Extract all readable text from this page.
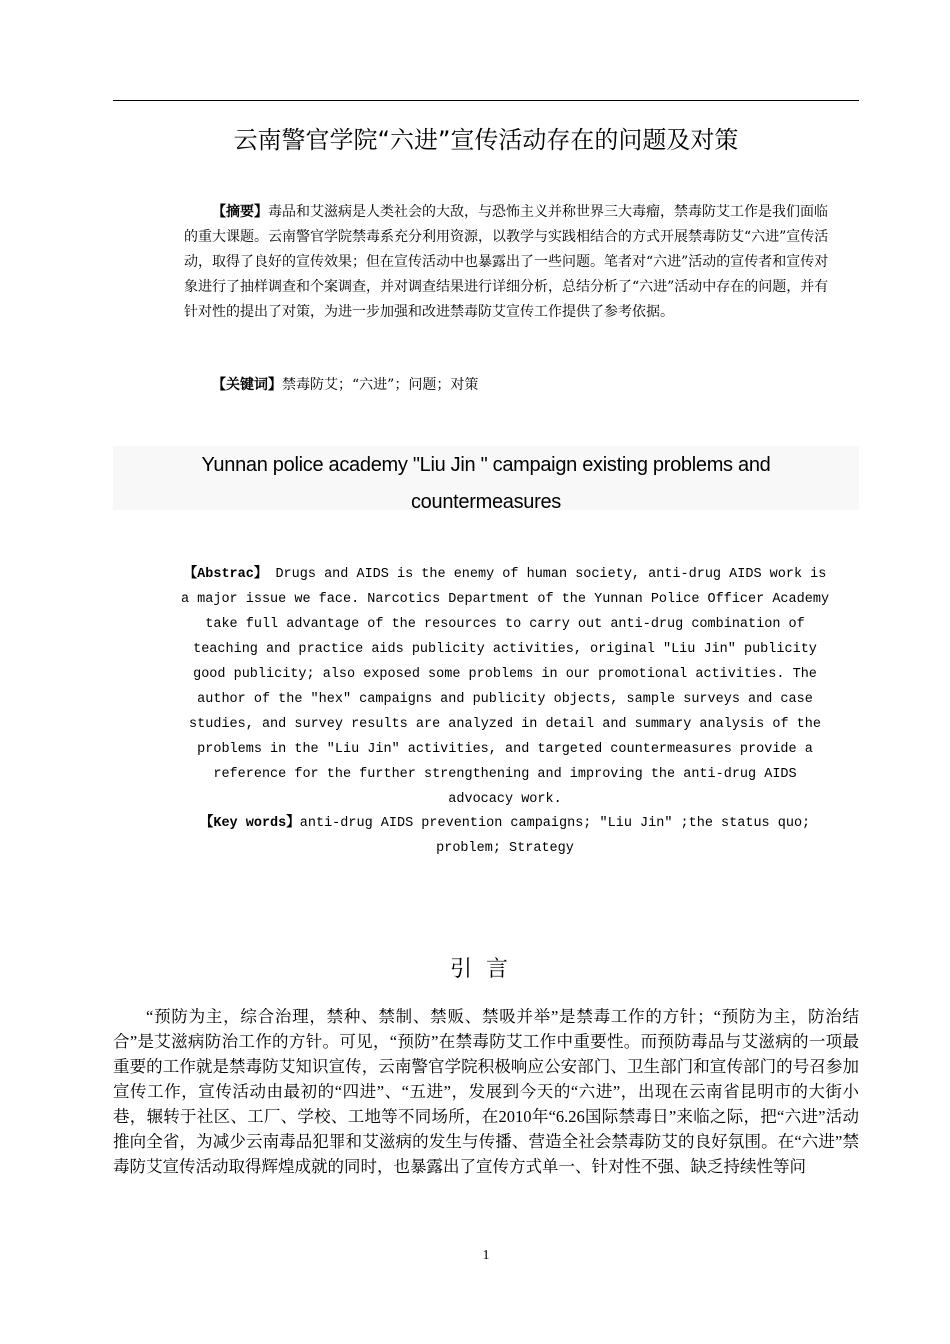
云南警官学院“六进”宣传活动存在的问题及对策
【摘要】毒品和艾滋病是人类社会的大敌，与恐怖主义并称世界三大毒瘤，禁毒防艾工作是我们面临的重大课题。云南警官学院禁毒系充分利用资源，以教学与实践相结合的方式开展禁毒防艾“六进”宣传活动，取得了良好的宣传效果；但在宣传活动中也暴露出了一些问题。笔者对“六进”活动的宣传者和宣传对象进行了抽样调查和个案调查，并对调查结果进行详细分析，总结分析了“六进”活动中存在的问题，并有针对性的提出了对策，为进一步加强和改进禁毒防艾宣传工作提供了参考依据。
【关键词】禁毒防艾；“六进”；问题；对策
Yunnan police academy "Liu Jin " campaign existing problems and
countermeasures
【Abstrac】 Drugs and AIDS is the enemy of human society, anti-drug AIDS work is a major issue we face. Narcotics Department of the Yunnan Police Officer Academy take full advantage of the resources to carry out anti-drug combination of teaching and practice aids publicity activities, original "Liu Jin" publicity good publicity; also exposed some problems in our promotional activities. The author of the "hex" campaigns and publicity objects, sample surveys and case studies, and survey results are analyzed in detail and summary analysis of the problems in the "Liu Jin" activities, and targeted countermeasures provide a reference for the further strengthening and improving the anti-drug AIDS advocacy work.
【Key words】anti-drug AIDS prevention campaigns; "Liu Jin" ;the status quo; problem; Strategy
引言
“预防为主，综合治理，禁种、禁制、禁贩、禁吸并举”是禁毒工作的方针；“预防为主，防治结合”是艾滋病防治工作的方针。可见，“预防”在禁毒防艾工作中重要性。而预防毒品与艾滋病的一项最重要的工作就是禁毒防艾知识宣传，云南警官学院积极响应公安部门、卫生部门和宣传部门的号召参加宣传工作，宣传活动由最初的“四进”、“五进”，发展到今天的“六进”，出现在云南省昆明市的大街小巷，辗转于社区、工厂、学校、工地等不同场所，在2010年“6.26国际禁毒日”来临之际，把“六进”活动推向全省，为减少云南毒品犯罪和艾滋病的发生与传播、营造全社会禁毒防艾的良好氛围。在“六进”禁毒防艾宣传活动取得辉煌成就的同时，也暴露出了宣传方式单一、针对性不强、缺乏持续性等问
1
